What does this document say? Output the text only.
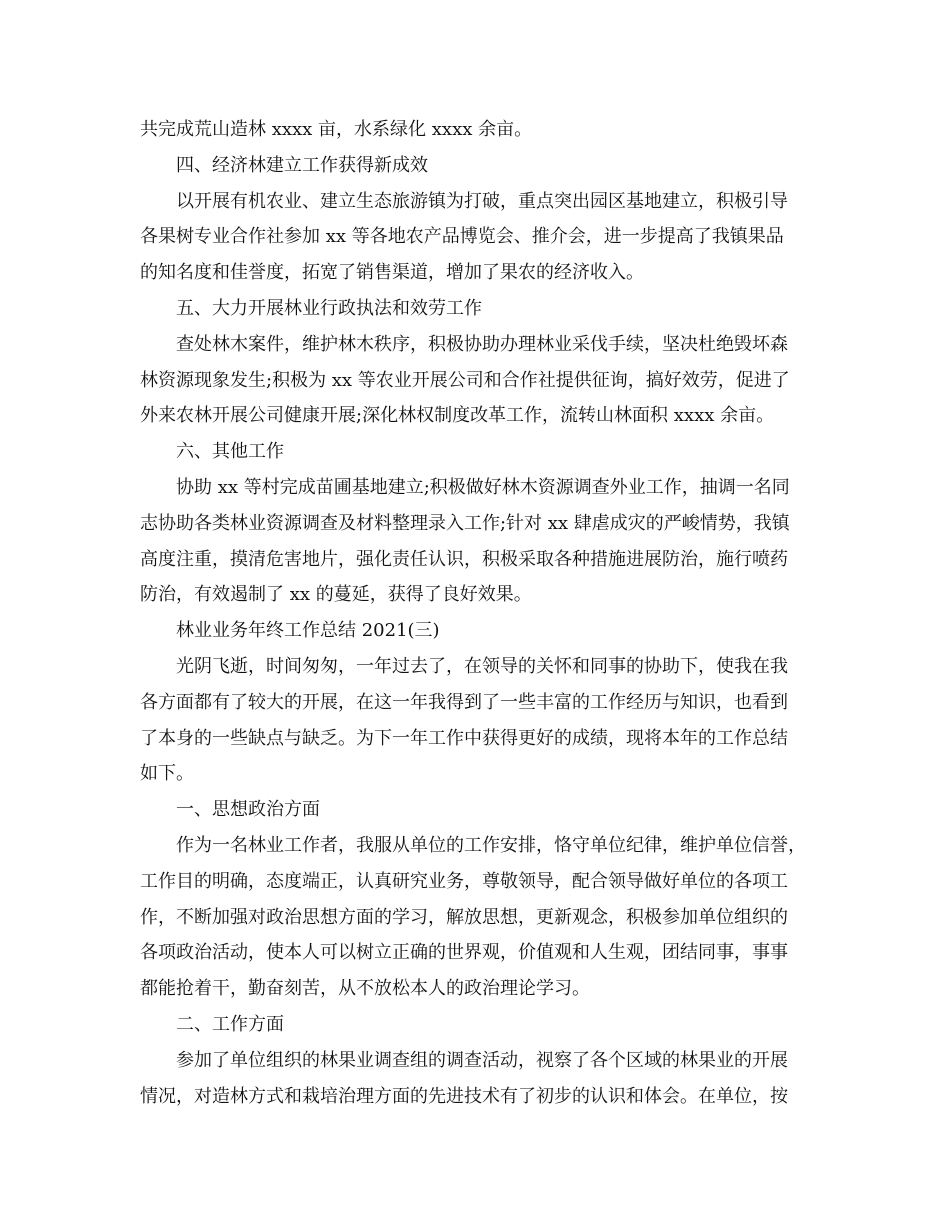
共完成荒山造林 xxxx 亩，水系绿化 xxxx 余亩。
四、经济林建立工作获得新成效
以开展有机农业、建立生态旅游镇为打破，重点突出园区基地建立，积极引导
各果树专业合作社参加 xx 等各地农产品博览会、推介会，进一步提高了我镇果品
的知名度和佳誉度，拓宽了销售渠道，增加了果农的经济收入。
五、大力开展林业行政执法和效劳工作
查处林木案件，维护林木秩序，积极协助办理林业采伐手续，坚决杜绝毁坏森
林资源现象发生;积极为 xx 等农业开展公司和合作社提供征询，搞好效劳，促进了
外来农林开展公司健康开展;深化林权制度改革工作，流转山林面积 xxxx 余亩。
六、其他工作
协助 xx 等村完成苗圃基地建立;积极做好林木资源调查外业工作，抽调一名同
志协助各类林业资源调查及材料整理录入工作;针对 xx 肆虐成灾的严峻情势，我镇
高度注重，摸清危害地片，强化责任认识，积极采取各种措施进展防治，施行喷药
防治，有效遏制了 xx 的蔓延，获得了良好效果。
林业业务年终工作总结 2021(三)
光阴飞逝，时间匆匆，一年过去了，在领导的关怀和同事的协助下，使我在我
各方面都有了较大的开展，在这一年我得到了一些丰富的工作经历与知识，也看到
了本身的一些缺点与缺乏。为下一年工作中获得更好的成绩，现将本年的工作总结
如下。
一、思想政治方面
作为一名林业工作者，我服从单位的工作安排，恪守单位纪律，维护单位信誉，
工作目的明确，态度端正，认真研究业务，尊敬领导，配合领导做好单位的各项工
作，不断加强对政治思想方面的学习，解放思想，更新观念，积极参加单位组织的
各项政治活动，使本人可以树立正确的世界观，价值观和人生观，团结同事，事事
都能抢着干，勤奋刻苦，从不放松本人的政治理论学习。
二、工作方面
参加了单位组织的林果业调查组的调查活动，视察了各个区域的林果业的开展
情况，对造林方式和栽培治理方面的先进技术有了初步的认识和体会。在单位，按
